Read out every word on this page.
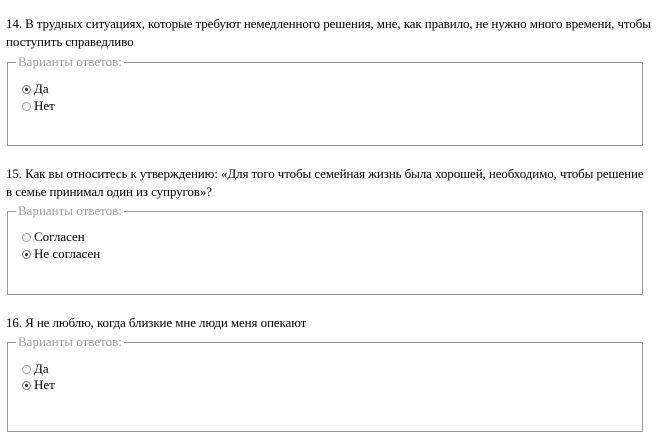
14. В трудных ситуациях, которые требуют немедленного решения, мне, как правило, не нужно много времени, чтобы поступить справедливо
Варианты ответов:
Да
Нет
15. Как вы относитесь к утверждению: «Для того чтобы семейная жизнь была хорошей, необходимо, чтобы решение в семье принимал один из супругов»?
Варианты ответов:
Согласен
Не согласен
16. Я не люблю, когда близкие мне люди меня опекают
Варианты ответов:
Да
Нет
